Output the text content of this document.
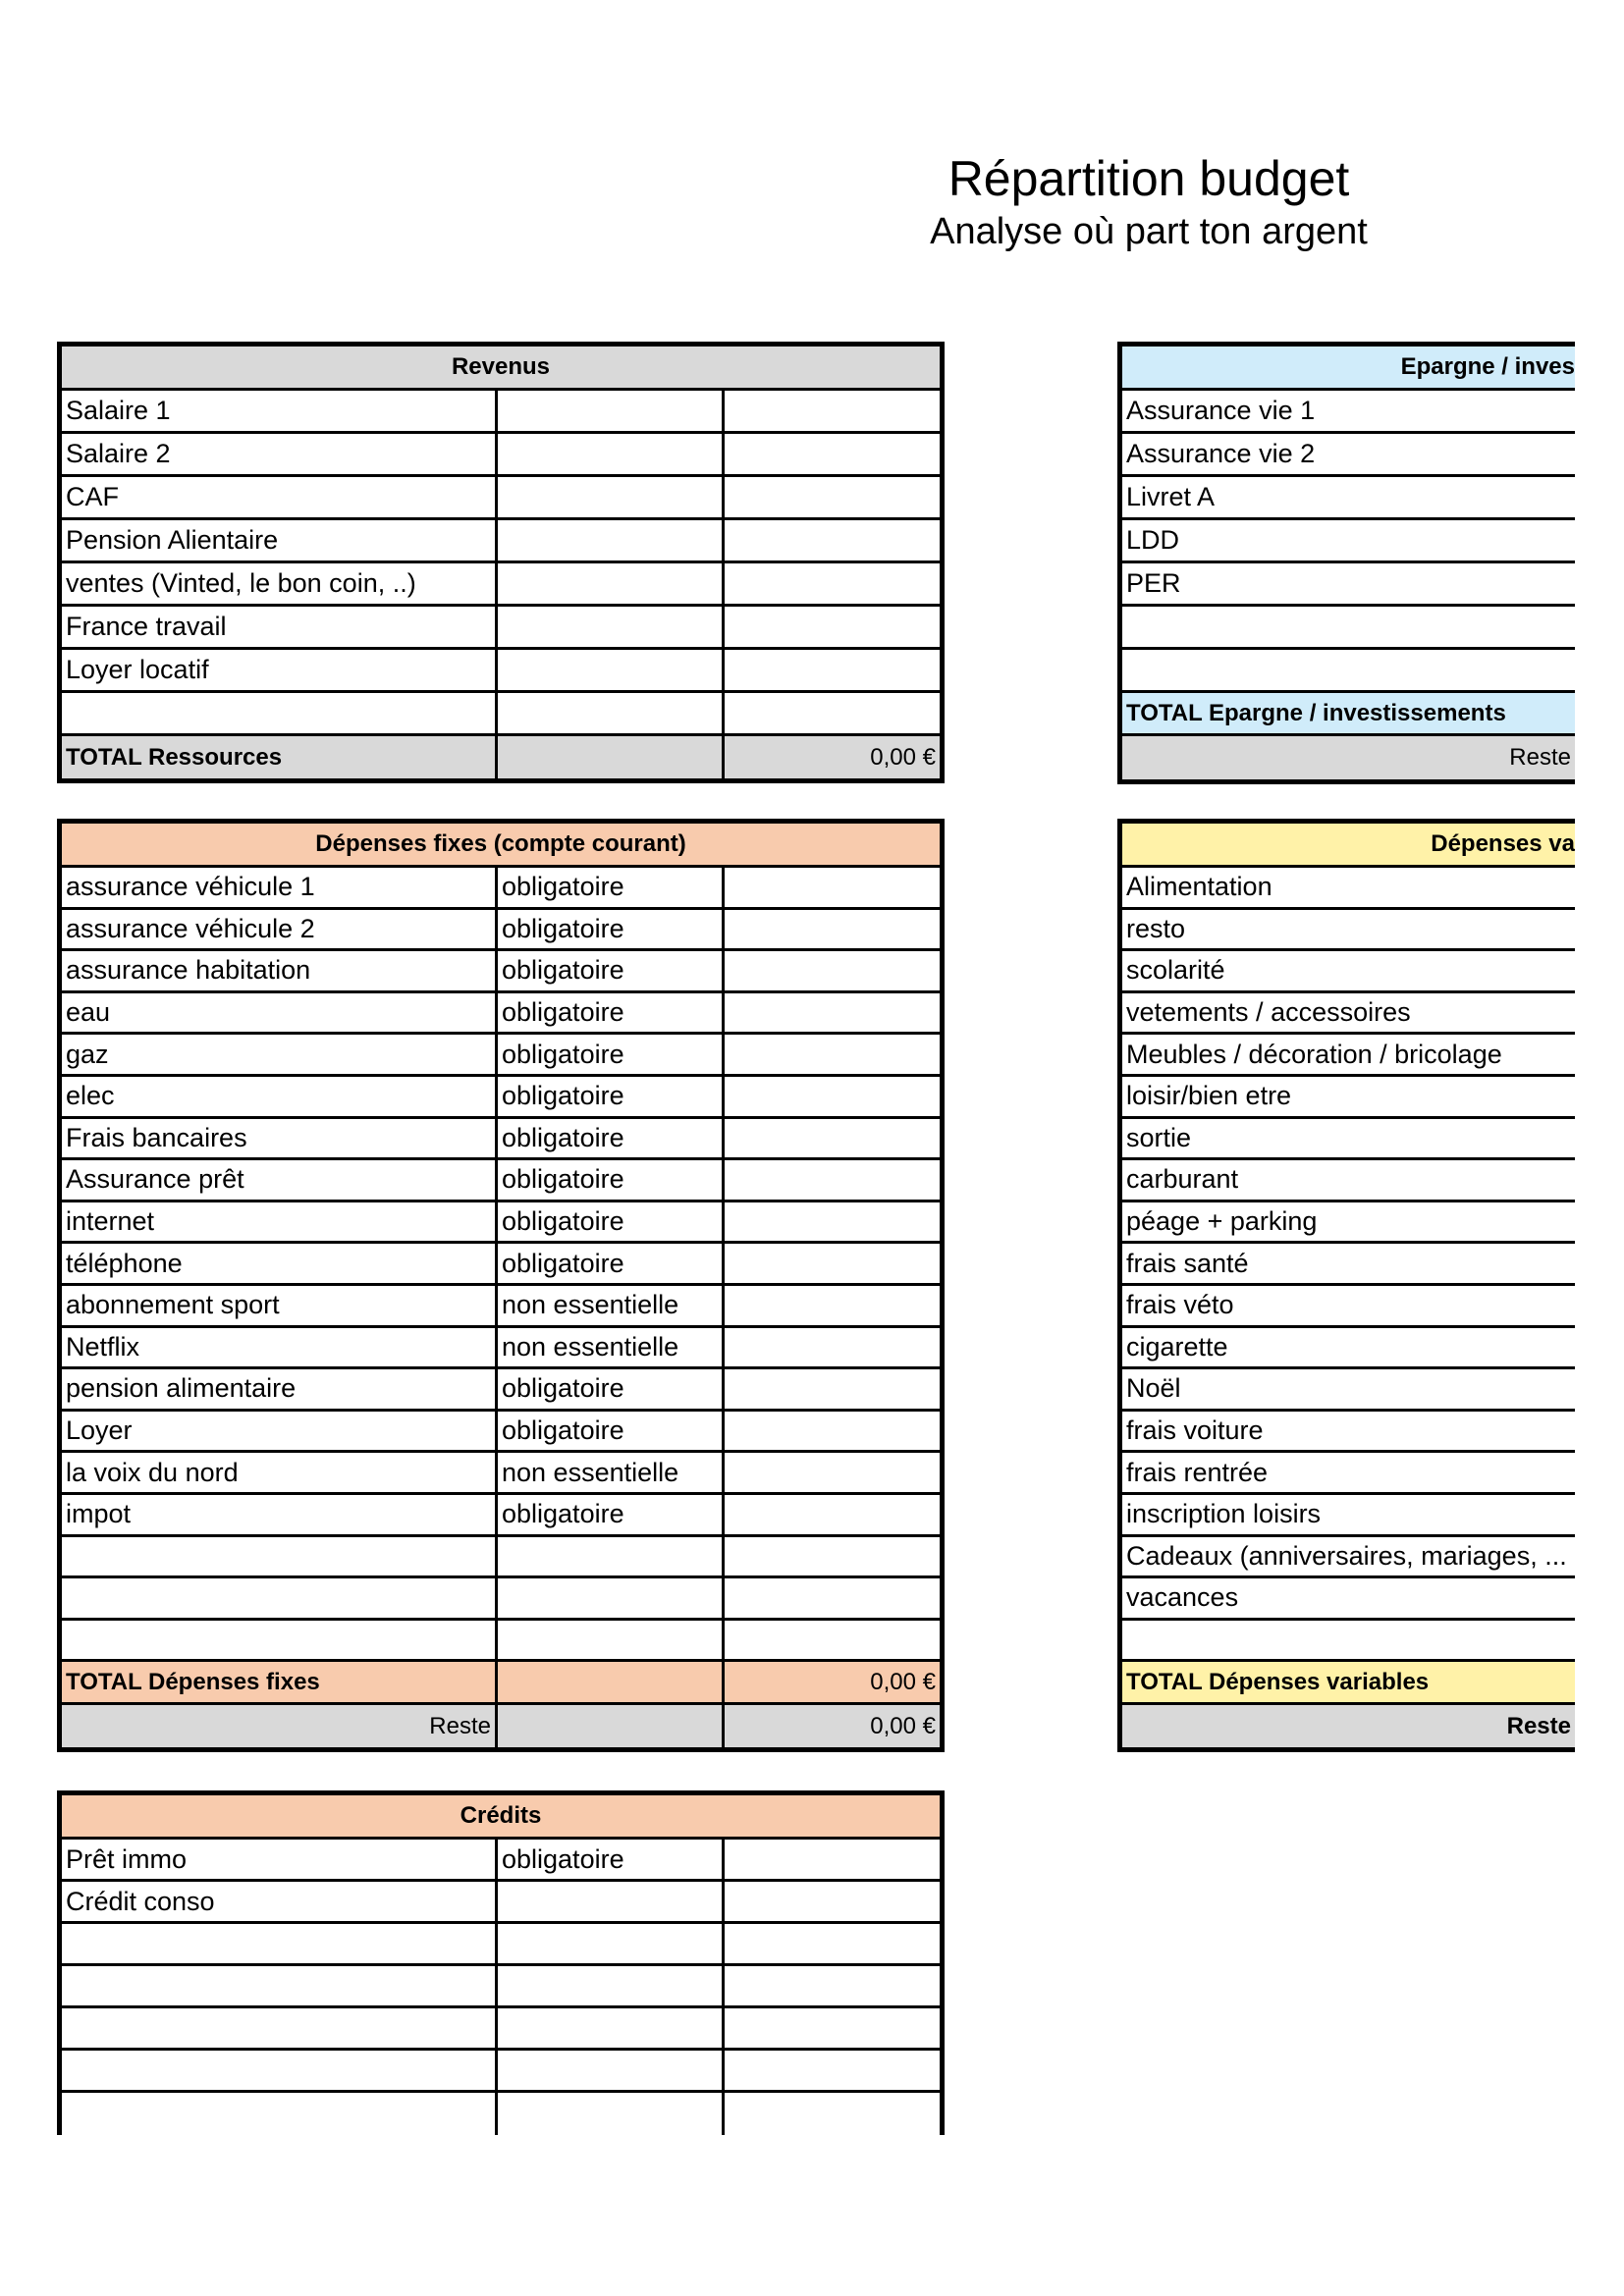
Répartition budget
Analyse où part ton argent
Revenus
Salaire 1
Salaire 2
CAF
Pension Alientaire
ventes (Vinted, le bon coin, ..)
France travail
Loyer locatif
TOTAL Ressources	0,00 €
Epargne / inves
Assurance vie 1
Assurance vie 2
Livret A
LDD
PER
TOTAL Epargne / investissements
Reste
Dépenses fixes (compte courant)
assurance véhicule 1	obligatoire
assurance véhicule 2	obligatoire
assurance habitation	obligatoire
eau	obligatoire
gaz	obligatoire
elec	obligatoire
Frais bancaires	obligatoire
Assurance prêt	obligatoire
internet	obligatoire
téléphone	obligatoire
abonnement sport	non essentielle
Netflix	non essentielle
pension alimentaire	obligatoire
Loyer	obligatoire
la voix du nord	non essentielle
impot	obligatoire
TOTAL Dépenses fixes	0,00 €
Reste	0,00 €
Dépenses va
Alimentation
resto
scolarité
vetements / accessoires
Meubles / décoration / bricolage
loisir/bien etre
sortie
carburant
péage + parking
frais santé
frais véto
cigarette
Noël
frais voiture
frais rentrée
inscription loisirs
Cadeaux (anniversaires, mariages, ...
vacances
TOTAL Dépenses variables
Reste
Crédits
Prêt immo	obligatoire
Crédit conso
